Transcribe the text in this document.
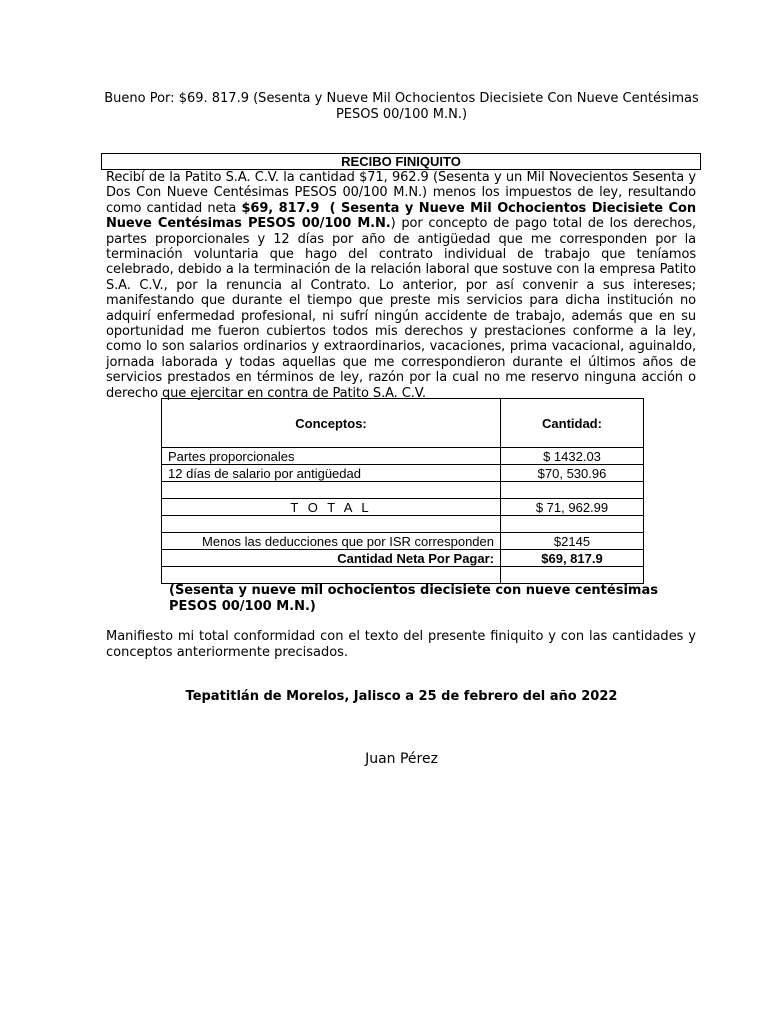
Bueno Por: $69. 817.9 (Sesenta y Nueve Mil Ochocientos Diecisiete Con Nueve Centésimas PESOS 00/100 M.N.)
RECIBO FINIQUITO
Recibí de la Patito S.A. C.V. la cantidad $71, 962.9 (Sesenta y un Mil Novecientos Sesenta y Dos Con Nueve Centésimas PESOS 00/100 M.N.) menos los impuestos de ley, resultando como cantidad neta $69, 817.9 ( Sesenta y Nueve Mil Ochocientos Diecisiete Con Nueve Centésimas PESOS 00/100 M.N.) por concepto de pago total de los derechos, partes proporcionales y 12 días por año de antigüedad que me corresponden por la terminación voluntaria que hago del contrato individual de trabajo que teníamos celebrado, debido a la terminación de la relación laboral que sostuve con la empresa Patito S.A. C.V., por la renuncia al Contrato. Lo anterior, por así convenir a sus intereses; manifestando que durante el tiempo que preste mis servicios para dicha institución no adquirí enfermedad profesional, ni sufrí ningún accidente de trabajo, además que en su oportunidad me fueron cubiertos todos mis derechos y prestaciones conforme a la ley, como lo son salarios ordinarios y extraordinarios, vacaciones, prima vacacional, aguinaldo, jornada laborada y todas aquellas que me correspondieron durante el últimos años de servicios prestados en términos de ley, razón por la cual no me reservo ninguna acción o derecho que ejercitar en contra de Patito S.A. C.V.
Conceptos:	Cantidad:
Partes proporcionales	$ 1432.03
12 días de salario por antigüedad	$70, 530.96

T O T A L	$ 71, 962.99

Menos las deducciones que por ISR corresponden	$2145
Cantidad Neta Por Pagar:	$69, 817.9

(Sesenta y nueve mil ochocientos diecisiete con nueve centésimas PESOS 00/100 M.N.)
Manifiesto mi total conformidad con el texto del presente finiquito y con las cantidades y conceptos anteriormente precisados.
Tepatitlán de Morelos, Jalisco a 25 de febrero del año 2022
Juan Pérez
